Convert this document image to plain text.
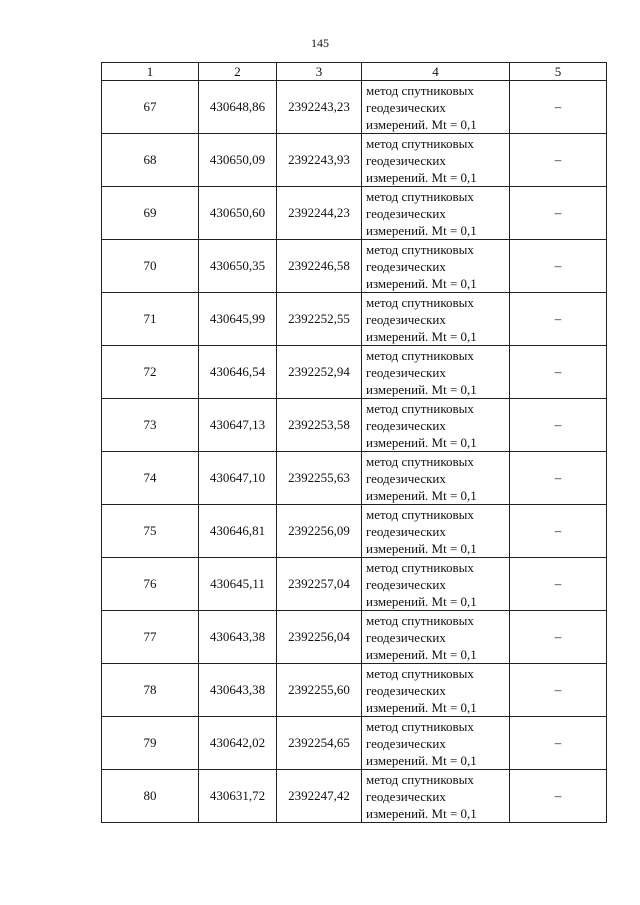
145
1	2	3	4	5
67	430648,86	2392243,23	метод спутниковых
геодезических
измерений. Mt = 0,1	–
68	430650,09	2392243,93	метод спутниковых
геодезических
измерений. Mt = 0,1	–
69	430650,60	2392244,23	метод спутниковых
геодезических
измерений. Mt = 0,1	–
70	430650,35	2392246,58	метод спутниковых
геодезических
измерений. Mt = 0,1	–
71	430645,99	2392252,55	метод спутниковых
геодезических
измерений. Mt = 0,1	–
72	430646,54	2392252,94	метод спутниковых
геодезических
измерений. Mt = 0,1	–
73	430647,13	2392253,58	метод спутниковых
геодезических
измерений. Mt = 0,1	–
74	430647,10	2392255,63	метод спутниковых
геодезических
измерений. Mt = 0,1	–
75	430646,81	2392256,09	метод спутниковых
геодезических
измерений. Mt = 0,1	–
76	430645,11	2392257,04	метод спутниковых
геодезических
измерений. Mt = 0,1	–
77	430643,38	2392256,04	метод спутниковых
геодезических
измерений. Mt = 0,1	–
78	430643,38	2392255,60	метод спутниковых
геодезических
измерений. Mt = 0,1	–
79	430642,02	2392254,65	метод спутниковых
геодезических
измерений. Mt = 0,1	–
80	430631,72	2392247,42	метод спутниковых
геодезических
измерений. Mt = 0,1	–
